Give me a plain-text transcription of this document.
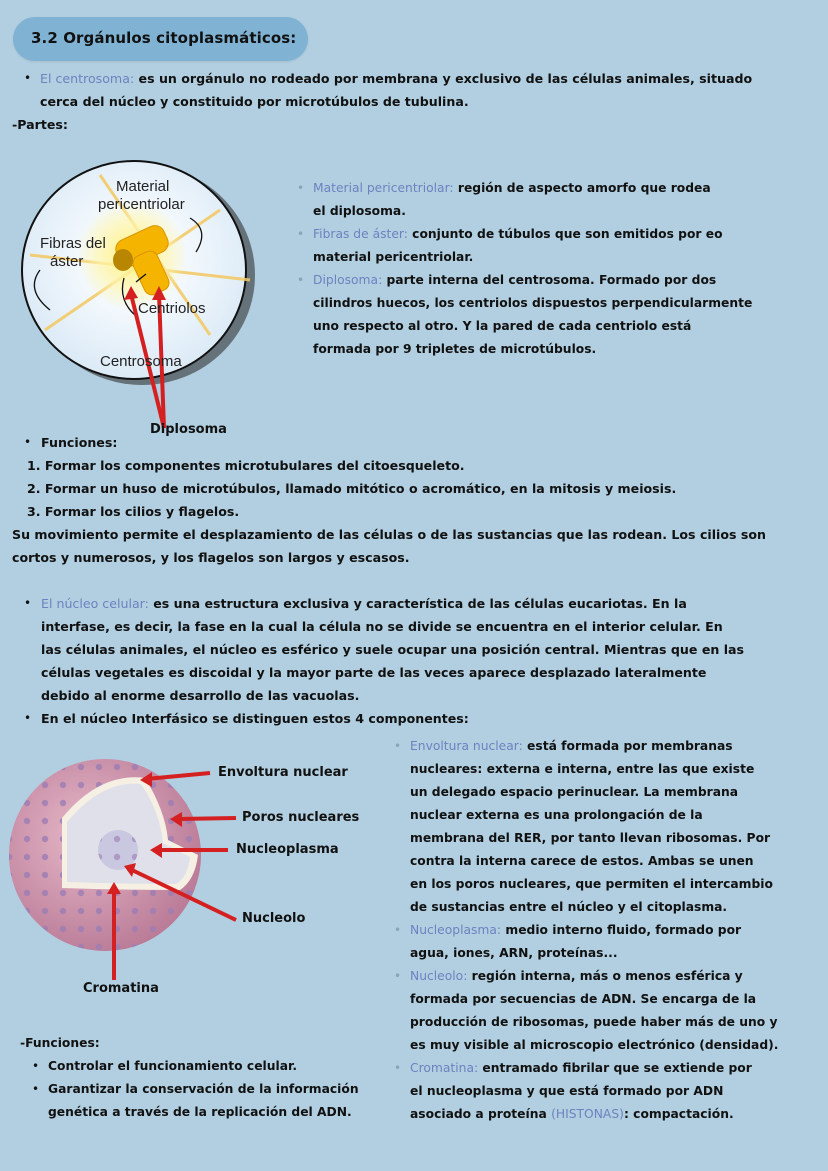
3.2 Orgánulos citoplasmáticos:
• El centrosoma: es un orgánulo no rodeado por membrana y exclusivo de las células animales, situado
cerca del núcleo y constituido por microtúbulos de tubulina.
-Partes:
Material
pericentriolar
Fibras del
áster
Centriolos
Centrosoma
Diplosoma
• Material pericentriolar: región de aspecto amorfo que rodea
el diplosoma.
• Fibras de áster: conjunto de túbulos que son emitidos por eo
material pericentriolar.
• Diplosoma: parte interna del centrosoma. Formado por dos
cilindros huecos, los centriolos dispuestos perpendicularmente
uno respecto al otro. Y la pared de cada centriolo está
formada por 9 tripletes de microtúbulos.
• Funciones:
1. Formar los componentes microtubulares del citoesqueleto.
2. Formar un huso de microtúbulos, llamado mitótico o acromático, en la mitosis y meiosis.
3. Formar los cilios y flagelos.
Su movimiento permite el desplazamiento de las células o de las sustancias que las rodean. Los cilios son
cortos y numerosos, y los flagelos son largos y escasos.
• El núcleo celular: es una estructura exclusiva y característica de las células eucariotas. En la
interfase, es decir, la fase en la cual la célula no se divide se encuentra en el interior celular. En
las células animales, el núcleo es esférico y suele ocupar una posición central. Mientras que en las
células vegetales es discoidal y la mayor parte de las veces aparece desplazado lateralmente
debido al enorme desarrollo de las vacuolas.
• En el núcleo Interfásico se distinguen estos 4 componentes:
Envoltura nuclear
Poros nucleares
Nucleoplasma
Nucleolo
Cromatina
• Envoltura nuclear: está formada por membranas
nucleares: externa e interna, entre las que existe
un delegado espacio perinuclear. La membrana
nuclear externa es una prolongación de la
membrana del RER, por tanto llevan ribosomas. Por
contra la interna carece de estos. Ambas se unen
en los poros nucleares, que permiten el intercambio
de sustancias entre el núcleo y el citoplasma.
• Nucleoplasma: medio interno fluido, formado por
agua, iones, ARN, proteínas...
• Nucleolo: región interna, más o menos esférica y
formada por secuencias de ADN. Se encarga de la
producción de ribosomas, puede haber más de uno y
es muy visible al microscopio electrónico (densidad).
• Cromatina: entramado fibrilar que se extiende por
el nucleoplasma y que está formado por ADN
asociado a proteína (HISTONAS): compactación.
-Funciones:
• Controlar el funcionamiento celular.
• Garantizar la conservación de la información
genética a través de la replicación del ADN.
